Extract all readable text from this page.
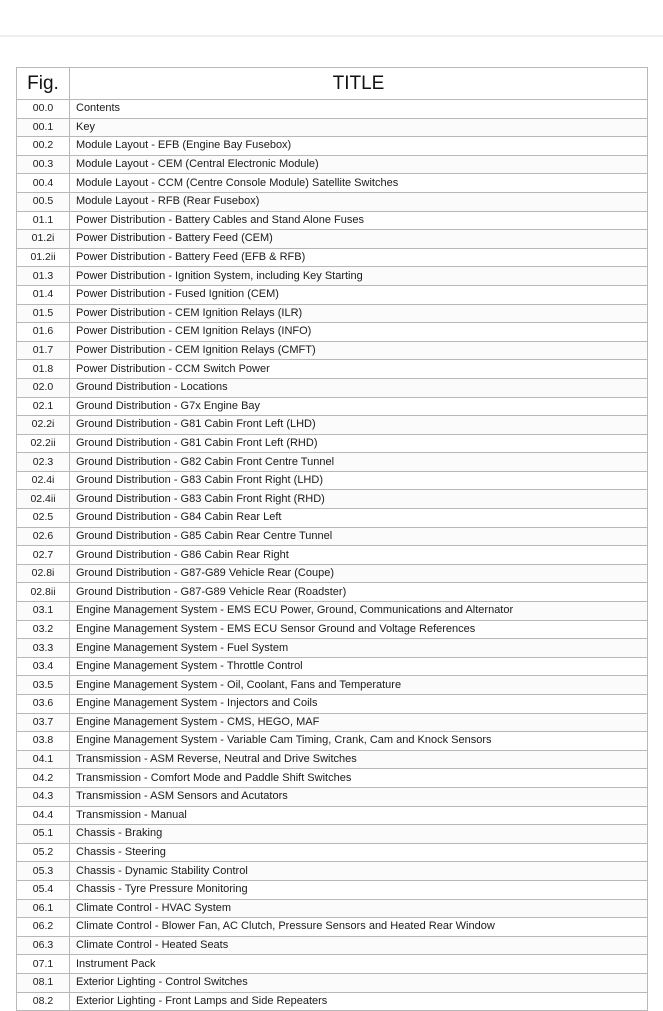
Fig.	TITLE
00.0	Contents
00.1	Key
00.2	Module Layout - EFB (Engine Bay Fusebox)
00.3	Module Layout - CEM (Central Electronic Module)
00.4	Module Layout - CCM (Centre Console Module) Satellite Switches
00.5	Module Layout - RFB (Rear Fusebox)
01.1	Power Distribution - Battery Cables and Stand Alone Fuses
01.2i	Power Distribution - Battery Feed (CEM)
01.2ii	Power Distribution - Battery Feed (EFB & RFB)
01.3	Power Distribution - Ignition System, including Key Starting
01.4	Power Distribution - Fused Ignition (CEM)
01.5	Power Distribution - CEM Ignition Relays (ILR)
01.6	Power Distribution - CEM Ignition Relays (INFO)
01.7	Power Distribution - CEM Ignition Relays (CMFT)
01.8	Power Distribution - CCM Switch Power
02.0	Ground Distribution - Locations
02.1	Ground Distribution - G7x Engine Bay
02.2i	Ground Distribution - G81 Cabin Front Left (LHD)
02.2ii	Ground Distribution - G81 Cabin Front Left (RHD)
02.3	Ground Distribution - G82 Cabin Front Centre Tunnel
02.4i	Ground Distribution - G83 Cabin Front Right (LHD)
02.4ii	Ground Distribution - G83 Cabin Front Right (RHD)
02.5	Ground Distribution - G84 Cabin Rear Left
02.6	Ground Distribution - G85 Cabin Rear Centre Tunnel
02.7	Ground Distribution - G86 Cabin Rear Right
02.8i	Ground Distribution - G87-G89 Vehicle Rear (Coupe)
02.8ii	Ground Distribution - G87-G89 Vehicle Rear (Roadster)
03.1	Engine Management System - EMS ECU Power, Ground, Communications and Alternator
03.2	Engine Management System - EMS ECU Sensor Ground and Voltage References
03.3	Engine Management System - Fuel System
03.4	Engine Management System - Throttle Control
03.5	Engine Management System - Oil, Coolant, Fans and Temperature
03.6	Engine Management System - Injectors and Coils
03.7	Engine Management System - CMS, HEGO, MAF
03.8	Engine Management System - Variable Cam Timing, Crank, Cam and Knock Sensors
04.1	Transmission - ASM Reverse, Neutral and Drive Switches
04.2	Transmission - Comfort Mode and Paddle Shift Switches
04.3	Transmission - ASM Sensors and Acutators
04.4	Transmission - Manual
05.1	Chassis - Braking
05.2	Chassis - Steering
05.3	Chassis - Dynamic Stability Control
05.4	Chassis - Tyre Pressure Monitoring
06.1	Climate Control - HVAC System
06.2	Climate Control - Blower Fan, AC Clutch, Pressure Sensors and Heated Rear Window
06.3	Climate Control - Heated Seats
07.1	Instrument Pack
08.1	Exterior Lighting - Control Switches
08.2	Exterior Lighting - Front Lamps and Side Repeaters
